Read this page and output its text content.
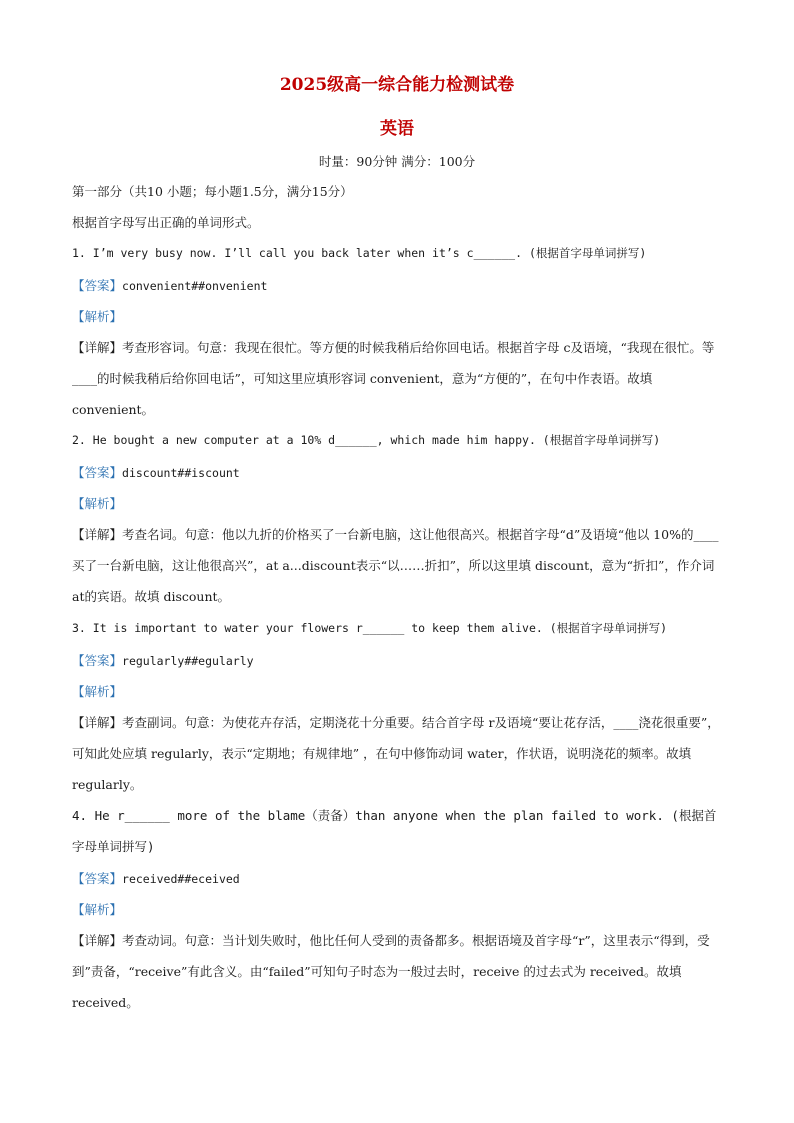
2025级高一综合能力检测试卷
英语
时量：90分钟 满分：100分
第一部分（共10 小题；每小题1.5分，满分15分）
根据首字母写出正确的单词形式。
1. I’m very busy now. I’ll call you back later when it’s c______. (根据首字母单词拼写)
【答案】convenient##onvenient
【解析】
【详解】考查形容词。句意：我现在很忙。等方便的时候我稍后给你回电话。根据首字母 c及语境，“我现在很忙。等____的时候我稍后给你回电话”，可知这里应填形容词 convenient，意为“方便的”，在句中作表语。故填 convenient。
2. He bought a new computer at a 10% d______, which made him happy. (根据首字母单词拼写)
【答案】discount##iscount
【解析】
【详解】考查名词。句意：他以九折的价格买了一台新电脑，这让他很高兴。根据首字母“d”及语境“他以 10%的____买了一台新电脑，这让他很高兴”，at a...discount表示“以……折扣”，所以这里填 discount，意为“折扣”，作介词 at的宾语。故填 discount。
3. It is important to water your flowers r______ to keep them alive. (根据首字母单词拼写)
【答案】regularly##egularly
【解析】
【详解】考查副词。句意：为使花卉存活，定期浇花十分重要。结合首字母 r及语境“要让花存活，____浇花很重要”，可知此处应填 regularly，表示“定期地；有规律地” ，在句中修饰动词 water，作状语，说明浇花的频率。故填 regularly。
4. He r______ more of the blame（责备）than anyone when the plan failed to work. (根据首字母单词拼写)
【答案】received##eceived
【解析】
【详解】考查动词。句意：当计划失败时，他比任何人受到的责备都多。根据语境及首字母“r”，这里表示“得到，受到”责备，“receive”有此含义。由“failed”可知句子时态为一般过去时，receive 的过去式为 received。故填 received。
